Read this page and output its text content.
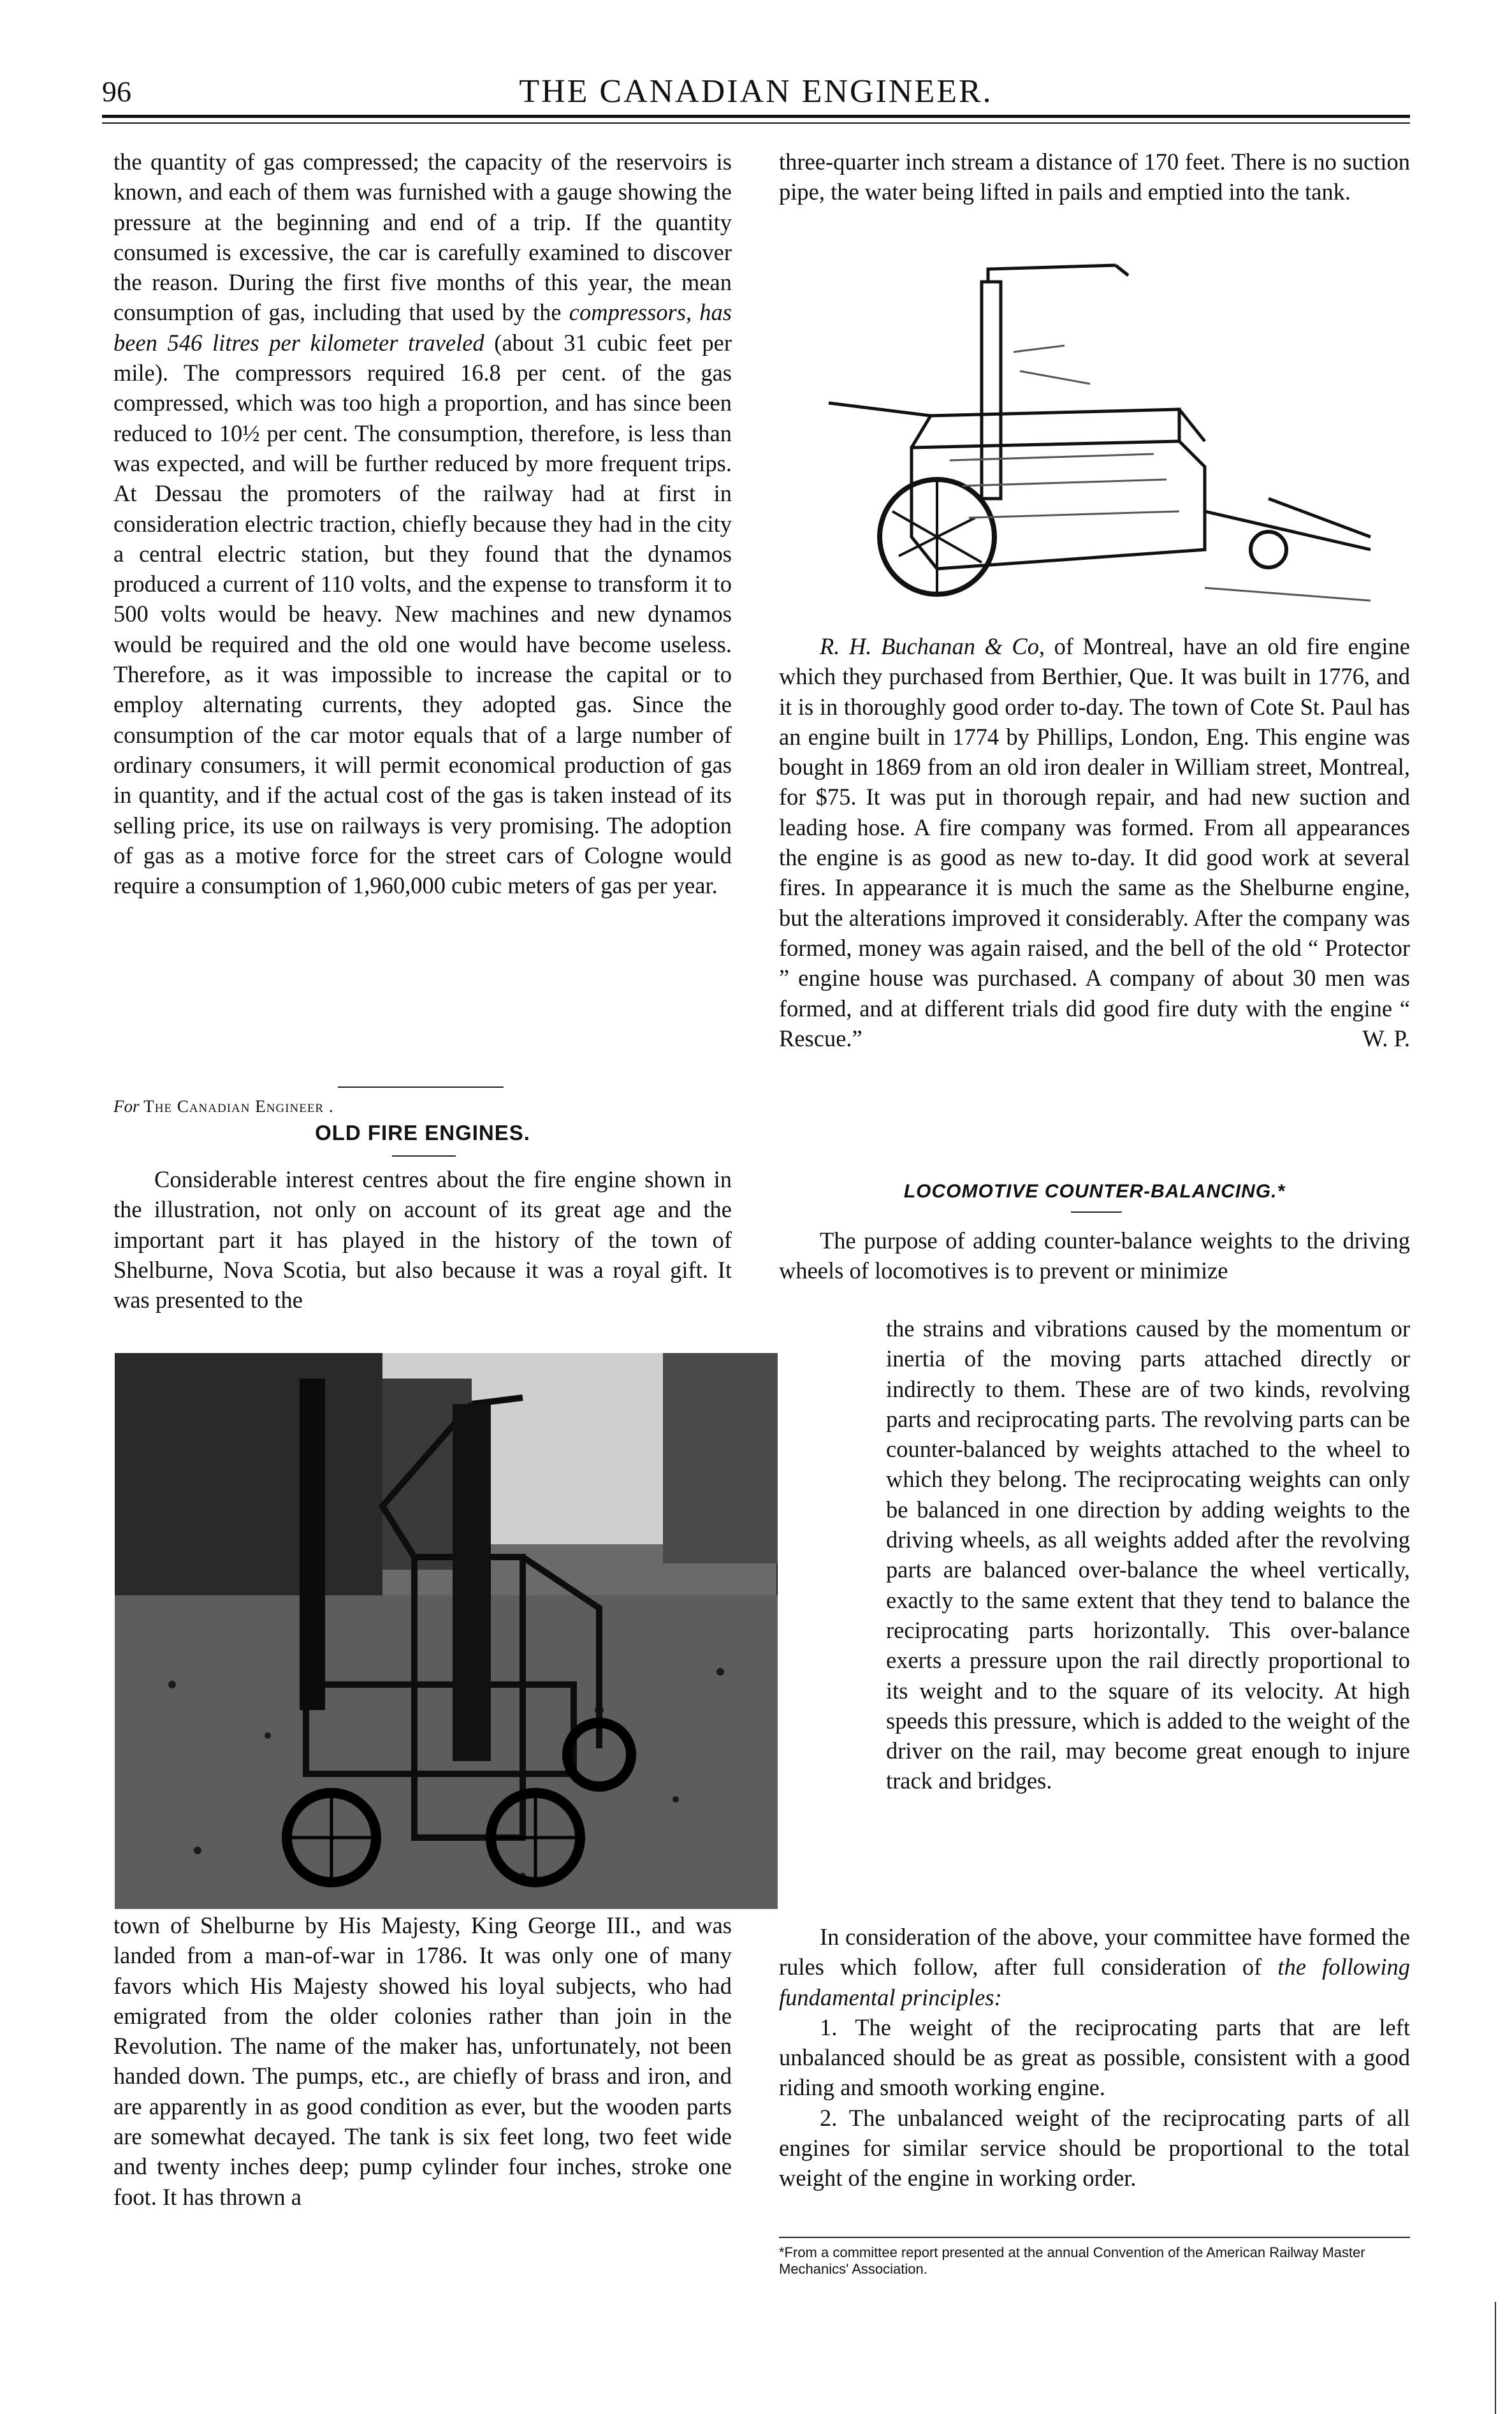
96	THE CANADIAN ENGINEER.

the quantity of gas compressed; the capacity of the reservoirs is known, and each of them was furnished with a gauge showing the pressure at the beginning and end of a trip. If the quantity consumed is excessive, the car is carefully examined to discover the reason. During the first five months of this year, the mean consumption of gas, including that used by the compressors, has been 546 litres per kilometer traveled (about 31 cubic feet per mile). The compressors required 16.8 per cent. of the gas compressed, which was too high a proportion, and has since been reduced to 10½ per cent. The consumption, therefore, is less than was expected, and will be further reduced by more frequent trips. At Dessau the promoters of the railway had at first in consideration electric traction, chiefly because they had in the city a central electric station, but they found that the dynamos produced a current of 110 volts, and the expense to transform it to 500 volts would be heavy. New machines and new dynamos would be required and the old one would have become useless. Therefore, as it was impossible to increase the capital or to employ alternating currents, they adopted gas. Since the consumption of the car motor equals that of a large number of ordinary consumers, it will permit economical production of gas in quantity, and if the actual cost of the gas is taken instead of its selling price, its use on railways is very promising. The adoption of gas as a motive force for the street cars of Cologne would require a consumption of 1,960,000 cubic meters of gas per year.

For The Canadian Engineer .
OLD FIRE ENGINES.

Considerable interest centres about the fire engine shown in the illustration, not only on account of its great age and the important part it has played in the history of the town of Shelburne, Nova Scotia, but also because it was a royal gift. It was presented to the

town of Shelburne by His Majesty, King George III., and was landed from a man-of-war in 1786. It was only one of many favors which His Majesty showed his loyal subjects, who had emigrated from the older colonies rather than join in the Revolution. The name of the maker has, unfortunately, not been handed down. The pumps, etc., are chiefly of brass and iron, and are apparently in as good condition as ever, but the wooden parts are somewhat decayed. The tank is six feet long, two feet wide and twenty inches deep; pump cylinder four inches, stroke one foot. It has thrown a

three-quarter inch stream a distance of 170 feet. There is no suction pipe, the water being lifted in pails and emptied into the tank.

R. H. Buchanan & Co, of Montreal, have an old fire engine which they purchased from Berthier, Que. It was built in 1776, and it is in thoroughly good order to-day. The town of Cote St. Paul has an engine built in 1774 by Phillips, London, Eng. This engine was bought in 1869 from an old iron dealer in William street, Montreal, for $75. It was put in thorough repair, and had new suction and leading hose. A fire company was formed. From all appearances the engine is as good as new to-day. It did good work at several fires. In appearance it is much the same as the Shelburne engine, but the alterations improved it considerably. After the company was formed, money was again raised, and the bell of the old “ Protector ” engine house was purchased. A company of about 30 men was formed, and at different trials did good fire duty with the engine “ Rescue.”	W. P.

LOCOMOTIVE COUNTER-BALANCING.*

The purpose of adding counter-balance weights to the driving wheels of locomotives is to prevent or minimize

the strains and vibrations caused by the momentum or inertia of the moving parts attached directly or indirectly to them. These are of two kinds, revolving parts and reciprocating parts. The revolving parts can be counter-balanced by weights attached to the wheel to which they belong. The reciprocating weights can only be balanced in one direction by adding weights to the driving wheels, as all weights added after the revolving parts are balanced over-balance the wheel vertically, exactly to the same extent that they tend to balance the reciprocating parts horizontally. This over-balance exerts a pressure upon the rail directly proportional to its weight and to the square of its velocity. At high speeds this pressure, which is added to the weight of the driver on the rail, may become great enough to injure track and bridges.

In consideration of the above, your committee have formed the rules which follow, after full consideration of the following fundamental principles:

1. The weight of the reciprocating parts that are left unbalanced should be as great as possible, consistent with a good riding and smooth working engine.

2. The unbalanced weight of the reciprocating parts of all engines for similar service should be proportional to the total weight of the engine in working order.

*From a committee report presented at the annual Convention of the American Railway Master Mechanics' Association.
